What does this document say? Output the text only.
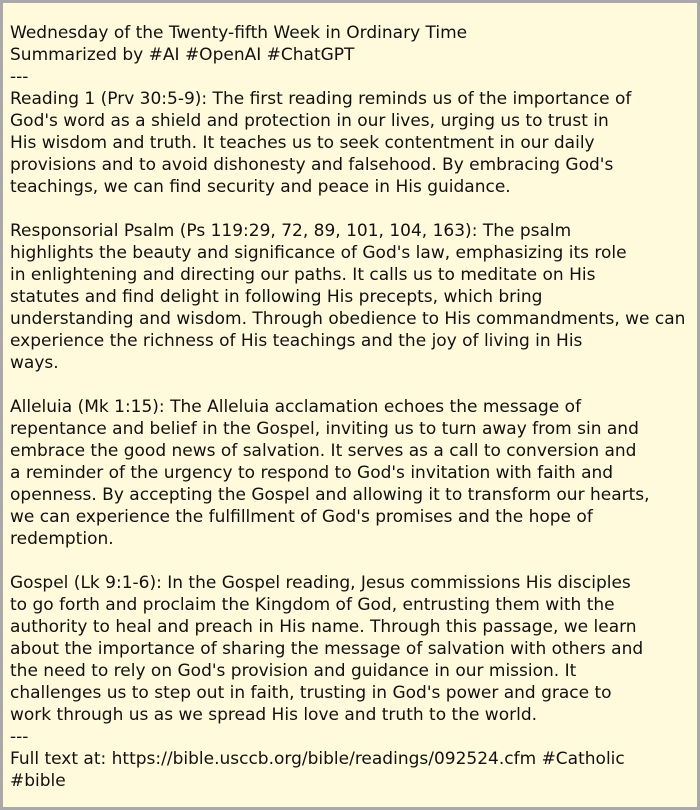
Wednesday of the Twenty-fifth Week in Ordinary Time
Summarized by #AI #OpenAI #ChatGPT
---
Reading 1 (Prv 30:5-9): The first reading reminds us of the importance of
God's word as a shield and protection in our lives, urging us to trust in
His wisdom and truth. It teaches us to seek contentment in our daily
provisions and to avoid dishonesty and falsehood. By embracing God's
teachings, we can find security and peace in His guidance.
Responsorial Psalm (Ps 119:29, 72, 89, 101, 104, 163): The psalm
highlights the beauty and significance of God's law, emphasizing its role
in enlightening and directing our paths. It calls us to meditate on His
statutes and find delight in following His precepts, which bring
understanding and wisdom. Through obedience to His commandments, we can
experience the richness of His teachings and the joy of living in His
ways.
Alleluia (Mk 1:15): The Alleluia acclamation echoes the message of
repentance and belief in the Gospel, inviting us to turn away from sin and
embrace the good news of salvation. It serves as a call to conversion and
a reminder of the urgency to respond to God's invitation with faith and
openness. By accepting the Gospel and allowing it to transform our hearts,
we can experience the fulfillment of God's promises and the hope of
redemption.
Gospel (Lk 9:1-6): In the Gospel reading, Jesus commissions His disciples
to go forth and proclaim the Kingdom of God, entrusting them with the
authority to heal and preach in His name. Through this passage, we learn
about the importance of sharing the message of salvation with others and
the need to rely on God's provision and guidance in our mission. It
challenges us to step out in faith, trusting in God's power and grace to
work through us as we spread His love and truth to the world.
---
Full text at: https://bible.usccb.org/bible/readings/092524.cfm #Catholic
#bible
